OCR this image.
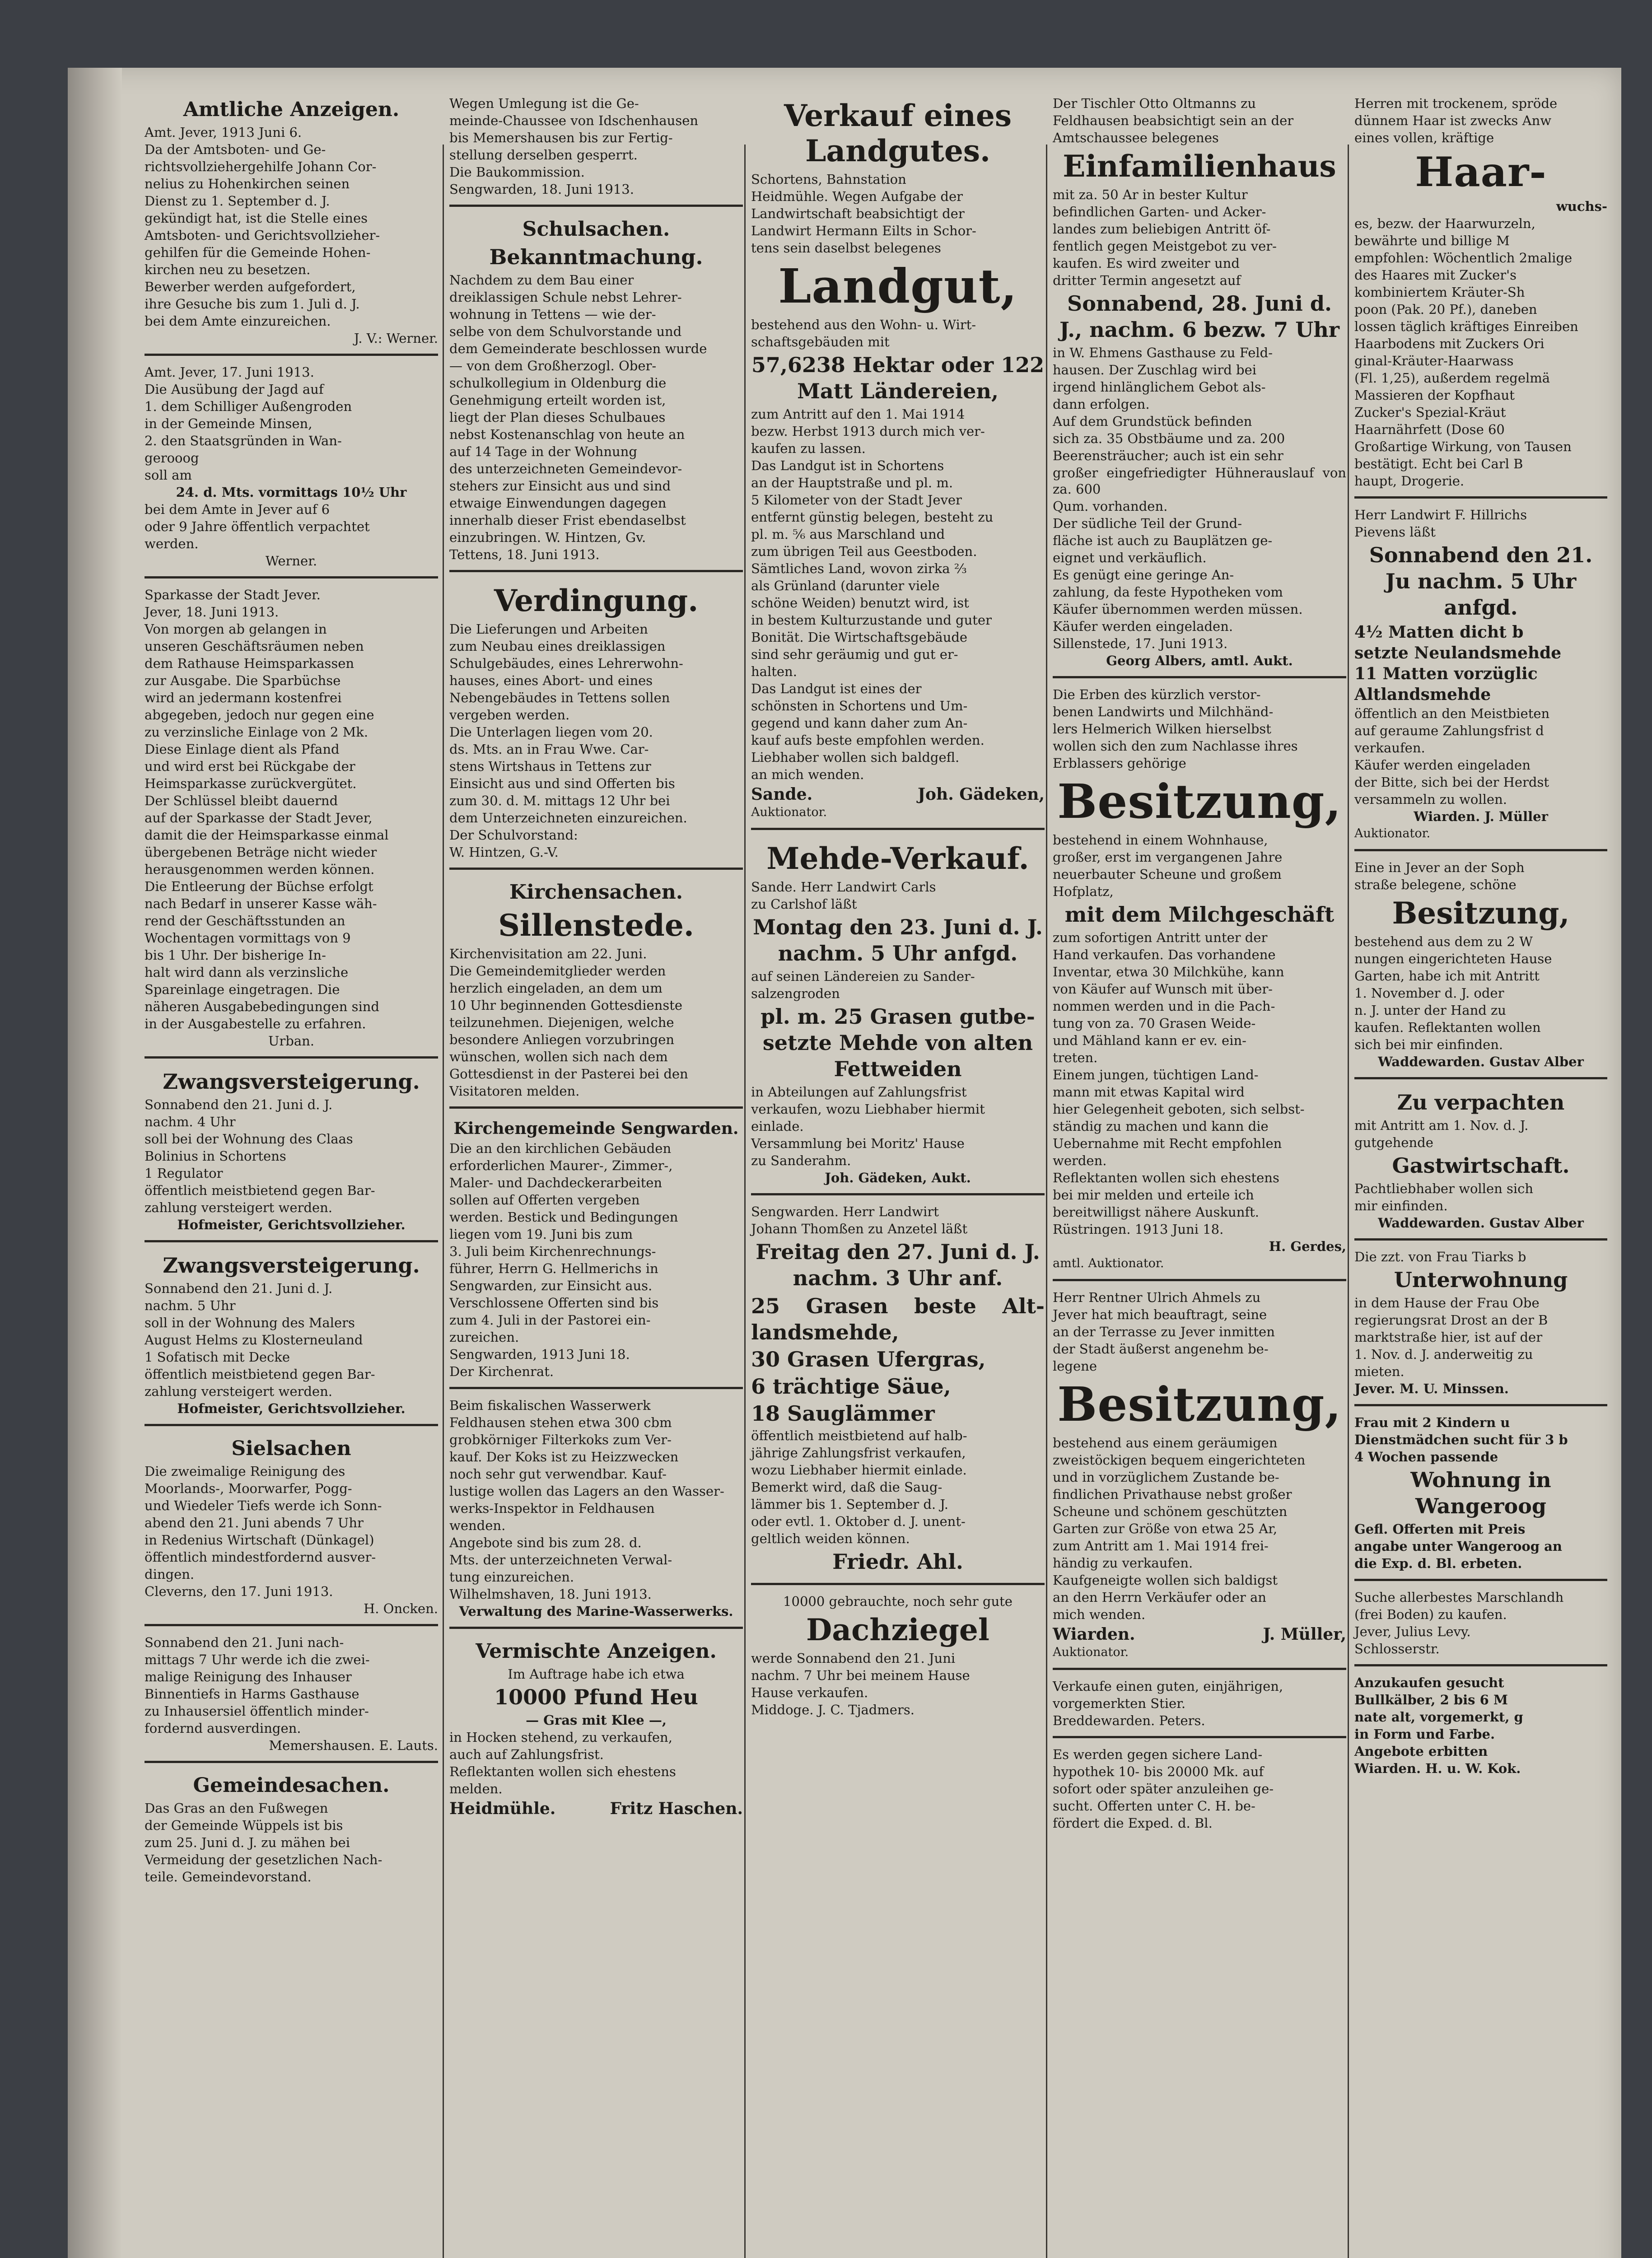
Amtliche Anzeigen.

Amt. Jever, 1913 Juni 6.

Da der Amtsboten- und Ge-

richtsvollziehergehilfe Johann Cor-

nelius zu Hohenkirchen seinen

Dienst zu 1. September d. J.

gekündigt hat, ist die Stelle eines

Amtsboten- und Gerichtsvollzieher-

gehilfen für die Gemeinde Hohen-

kirchen neu zu besetzen.

Bewerber werden aufgefordert,

ihre Gesuche bis zum 1. Juli d. J.

bei dem Amte einzureichen.

J. V.: Werner.

Amt. Jever, 17. Juni 1913.

Die Ausübung der Jagd auf

1. dem Schilliger Außengroden

in der Gemeinde Minsen,

2. den Staatsgründen in Wan-

gerooog

soll am

24. d. Mts. vormittags 10½ Uhr

bei dem Amte in Jever auf 6

oder 9 Jahre öffentlich verpachtet

werden.

Werner.

Sparkasse der Stadt Jever.

Jever, 18. Juni 1913.

Von morgen ab gelangen in

unseren Geschäftsräumen neben

dem Rathause Heimsparkassen

zur Ausgabe. Die Sparbüchse

wird an jedermann kostenfrei

abgegeben, jedoch nur gegen eine

zu verzinsliche Einlage von 2 Mk.

Diese Einlage dient als Pfand

und wird erst bei Rückgabe der

Heimsparkasse zurückvergütet.

Der Schlüssel bleibt dauernd

auf der Sparkasse der Stadt Jever,

damit die der Heimsparkasse einmal

übergebenen Beträge nicht wieder

herausgenommen werden können.

Die Entleerung der Büchse erfolgt

nach Bedarf in unserer Kasse wäh-

rend der Geschäftsstunden an

Wochentagen vormittags von 9

bis 1 Uhr. Der bisherige In-

halt wird dann als verzinsliche

Spareinlage eingetragen. Die

näheren Ausgabebedingungen sind

in der Ausgabestelle zu erfahren.

Urban.

Zwangsversteigerung.

Sonnabend den 21. Juni d. J.

nachm. 4 Uhr

soll bei der Wohnung des Claas

Bolinius in Schortens

1 Regulator

öffentlich meistbietend gegen Bar-

zahlung versteigert werden.

Hofmeister, Gerichtsvollzieher.

Zwangsversteigerung.

Sonnabend den 21. Juni d. J.

nachm. 5 Uhr

soll in der Wohnung des Malers

August Helms zu Klosterneuland

1 Sofatisch mit Decke

öffentlich meistbietend gegen Bar-

zahlung versteigert werden.

Hofmeister, Gerichtsvollzieher.

Sielsachen

Die zweimalige Reinigung des

Moorlands-, Moorwarfer, Pogg-

und Wiedeler Tiefs werde ich Sonn-

abend den 21. Juni abends 7 Uhr

in Redenius Wirtschaft (Dünkagel)

öffentlich mindestfordernd ausver-

dingen.

Cleverns, den 17. Juni 1913.

H. Oncken.

Sonnabend den 21. Juni nach-

mittags 7 Uhr werde ich die zwei-

malige Reinigung des Inhauser

Binnentiefs in Harms Gasthause

zu Inhausersiel öffentlich minder-

fordernd ausverdingen.

Memershausen. E. Lauts.

Gemeindesachen.

Das Gras an den Fußwegen

der Gemeinde Wüppels ist bis

zum 25. Juni d. J. zu mähen bei

Vermeidung der gesetzlichen Nach-

teile. Gemeindevorstand.

Wegen Umlegung ist die Ge-

meinde-Chaussee von Idschenhausen

bis Memershausen bis zur Fertig-

stellung derselben gesperrt.

Die Baukommission.

Sengwarden, 18. Juni 1913.

Schulsachen.
Bekanntmachung.

Nachdem zu dem Bau einer

dreiklassigen Schule nebst Lehrer-

wohnung in Tettens — wie der-

selbe von dem Schulvorstande und

dem Gemeinderate beschlossen wurde

— von dem Großherzogl. Ober-

schulkollegium in Oldenburg die

Genehmigung erteilt worden ist,

liegt der Plan dieses Schulbaues

nebst Kostenanschlag von heute an

auf 14 Tage in der Wohnung

des unterzeichneten Gemeindevor-

stehers zur Einsicht aus und sind

etwaige Einwendungen dagegen

innerhalb dieser Frist ebendaselbst

einzubringen. W. Hintzen, Gv.

Tettens, 18. Juni 1913.

Verdingung.

Die Lieferungen und Arbeiten

zum Neubau eines dreiklassigen

Schulgebäudes, eines Lehrerwohn-

hauses, eines Abort- und eines

Nebengebäudes in Tettens sollen

vergeben werden.

Die Unterlagen liegen vom 20.

ds. Mts. an in Frau Wwe. Car-

stens Wirtshaus in Tettens zur

Einsicht aus und sind Offerten bis

zum 30. d. M. mittags 12 Uhr bei

dem Unterzeichneten einzureichen.

Der Schulvorstand:

W. Hintzen, G.-V.

Kirchensachen.
Sillenstede.

Kirchenvisitation am 22. Juni.

Die Gemeindemitglieder werden

herzlich eingeladen, an dem um

10 Uhr beginnenden Gottesdienste

teilzunehmen. Diejenigen, welche

besondere Anliegen vorzubringen

wünschen, wollen sich nach dem

Gottesdienst in der Pasterei bei den

Visitatoren melden.

Kirchengemeinde Sengwarden.

Die an den kirchlichen Gebäuden

erforderlichen Maurer-, Zimmer-,

Maler- und Dachdeckerarbeiten

sollen auf Offerten vergeben

werden. Bestick und Bedingungen

liegen vom 19. Juni bis zum

3. Juli beim Kirchenrechnungs-

führer, Herrn G. Hellmerichs in

Sengwarden, zur Einsicht aus.

Verschlossene Offerten sind bis

zum 4. Juli in der Pastorei ein-

zureichen.

Sengwarden, 1913 Juni 18.

Der Kirchenrat.

Beim fiskalischen Wasserwerk

Feldhausen stehen etwa 300 cbm

grobkörniger Filterkoks zum Ver-

kauf. Der Koks ist zu Heizzwecken

noch sehr gut verwendbar. Kauf-

lustige wollen das Lagers an den Wasser-

werks-Inspektor in Feldhausen

wenden.

Angebote sind bis zum 28. d.

Mts. der unterzeichneten Verwal-

tung einzureichen.

Wilhelmshaven, 18. Juni 1913.

Verwaltung des Marine-Wasserwerks.

Vermischte Anzeigen.

Im Auftrage habe ich etwa

10000 Pfund Heu

— Gras mit Klee —,

in Hocken stehend, zu verkaufen,

auch auf Zahlungsfrist.

Reflektanten wollen sich ehestens

melden.

Heidmühle.	Fritz Haschen.
Verkauf eines Landgutes.

Schortens, Bahnstation

Heidmühle. Wegen Aufgabe der

Landwirtschaft beabsichtigt der

Landwirt Hermann Eilts in Schor-

tens sein daselbst belegenes

Landgut,

bestehend aus den Wohn- u. Wirt-

schaftsgebäuden mit

57,6238 Hektar oder 122 Matt Ländereien,

zum Antritt auf den 1. Mai 1914

bezw. Herbst 1913 durch mich ver-

kaufen zu lassen.

Das Landgut ist in Schortens

an der Hauptstraße und pl. m.

5 Kilometer von der Stadt Jever

entfernt günstig belegen, besteht zu

pl. m. ⁵⁄₆ aus Marschland und

zum übrigen Teil aus Geestboden.

Sämtliches Land, wovon zirka ²⁄₃

als Grünland (darunter viele

schöne Weiden) benutzt wird, ist

in bestem Kulturzustande und guter

Bonität. Die Wirtschaftsgebäude

sind sehr geräumig und gut er-

halten.

Das Landgut ist eines der

schönsten in Schortens und Um-

gegend und kann daher zum An-

kauf aufs beste empfohlen werden.

Liebhaber wollen sich baldgefl.

an mich wenden.

Sande.	Joh. Gädeken,

Auktionator.

Mehde-Verkauf.

Sande. Herr Landwirt Carls

zu Carlshof läßt

Montag den 23. Juni d. J. nachm. 5 Uhr anfgd.

auf seinen Ländereien zu Sander-

salzengroden

pl. m. 25 Grasen gutbe-setzte Mehde von alten Fettweiden

in Abteilungen auf Zahlungsfrist

verkaufen, wozu Liebhaber hiermit

einlade.

Versammlung bei Moritz' Hause

zu Sanderahm.

Joh. Gädeken, Aukt.

Sengwarden. Herr Landwirt

Johann Thomßen zu Anzetel läßt

Freitag den 27. Juni d. J. nachm. 3 Uhr anf.

25 Grasen beste Alt-landsmehde,

30 Grasen Ufergras,

6 trächtige Säue,

18 Sauglämmer

öffentlich meistbietend auf halb-

jährige Zahlungsfrist verkaufen,

wozu Liebhaber hiermit einlade.

Bemerkt wird, daß die Saug-

lämmer bis 1. September d. J.

oder evtl. 1. Oktober d. J. unent-

geltlich weiden können.

Friedr. Ahl.

10000 gebrauchte, noch sehr gute

Dachziegel

werde Sonnabend den 21. Juni

nachm. 7 Uhr bei meinem Hause

Hause verkaufen.

Middoge. J. C. Tjadmers.

Der Tischler Otto Oltmanns zu

Feldhausen beabsichtigt sein an der

Amtschaussee belegenes

Einfamilienhaus

mit za. 50 Ar in bester Kultur

befindlichen Garten- und Acker-

landes zum beliebigen Antritt öf-

fentlich gegen Meistgebot zu ver-

kaufen. Es wird zweiter und

dritter Termin angesetzt auf

Sonnabend, 28. Juni d. J., nachm. 6 bezw. 7 Uhr

in W. Ehmens Gasthause zu Feld-

hausen. Der Zuschlag wird bei

irgend hinlänglichem Gebot als-

dann erfolgen.

Auf dem Grundstück befinden

sich za. 35 Obstbäume und za. 200

Beerensträucher; auch ist ein sehr

großer eingefriedigter Hühnerauslauf von za. 600

Qum. vorhanden.

Der südliche Teil der Grund-

fläche ist auch zu Bauplätzen ge-

eignet und verkäuflich.

Es genügt eine geringe An-

zahlung, da feste Hypotheken vom

Käufer übernommen werden müssen.

Käufer werden eingeladen.

Sillenstede, 17. Juni 1913.

Georg Albers, amtl. Aukt.

Die Erben des kürzlich verstor-

benen Landwirts und Milchhänd-

lers Helmerich Wilken hierselbst

wollen sich den zum Nachlasse ihres

Erblassers gehörige

Besitzung,

bestehend in einem Wohnhause,

großer, erst im vergangenen Jahre

neuerbauter Scheune und großem

Hofplatz,

mit dem Milchgeschäft

zum sofortigen Antritt unter der

Hand verkaufen. Das vorhandene

Inventar, etwa 30 Milchkühe, kann

von Käufer auf Wunsch mit über-

nommen werden und in die Pach-

tung von za. 70 Grasen Weide-

und Mähland kann er ev. ein-

treten.

Einem jungen, tüchtigen Land-

mann mit etwas Kapital wird

hier Gelegenheit geboten, sich selbst-

ständig zu machen und kann die

Uebernahme mit Recht empfohlen

werden.

Reflektanten wollen sich ehestens

bei mir melden und erteile ich

bereitwilligst nähere Auskunft.

Rüstringen. 1913 Juni 18.

H. Gerdes,

amtl. Auktionator.

Herr Rentner Ulrich Ahmels zu

Jever hat mich beauftragt, seine

an der Terrasse zu Jever inmitten

der Stadt äußerst angenehm be-

legene

Besitzung,

bestehend aus einem geräumigen

zweistöckigen bequem eingerichteten

und in vorzüglichem Zustande be-

findlichen Privathause nebst großer

Scheune und schönem geschützten

Garten zur Größe von etwa 25 Ar,

zum Antritt am 1. Mai 1914 frei-

händig zu verkaufen.

Kaufgeneigte wollen sich baldigst

an den Herrn Verkäufer oder an

mich wenden.

Wiarden.	J. Müller,

Auktionator.

Verkaufe einen guten, einjährigen,

vorgemerkten Stier.

Breddewarden. Peters.

Es werden gegen sichere Land-

hypothek 10- bis 20000 Mk. auf

sofort oder später anzuleihen ge-

sucht. Offerten unter C. H. be-

fördert die Exped. d. Bl.

Herren mit trockenem, spröde

dünnem Haar ist zwecks Anw

eines vollen, kräftige

Haar-

wuchs-

es, bezw. der Haarwurzeln,

bewährte und billige M

empfohlen: Wöchentlich 2malige

des Haares mit Zucker's

kombiniertem Kräuter-Sh

poon (Pak. 20 Pf.), daneben

lossen täglich kräftiges Einreiben

Haarbodens mit Zuckers Ori

ginal-Kräuter-Haarwass

(Fl. 1,25), außerdem regelmä

Massieren der Kopfhaut

Zucker's Spezial-Kräut

Haarnährfett (Dose 60

Großartige Wirkung, von Tausen

bestätigt. Echt bei Carl B

haupt, Drogerie.

Herr Landwirt F. Hillrichs

Pievens läßt

Sonnabend den 21. Ju nachm. 5 Uhr anfgd.

4½ Matten dicht b

setzte Neulandsmehde

11 Matten vorzüglic

Altlandsmehde

öffentlich an den Meistbieten

auf geraume Zahlungsfrist d

verkaufen.

Käufer werden eingeladen

der Bitte, sich bei der Herdst

versammeln zu wollen.

Wiarden. J. Müller

Auktionator.

Eine in Jever an der Soph

straße belegene, schöne

Besitzung,

bestehend aus dem zu 2 W

nungen eingerichteten Hause

Garten, habe ich mit Antritt

1. November d. J. oder

n. J. unter der Hand zu

kaufen. Reflektanten wollen

sich bei mir einfinden.

Waddewarden. Gustav Alber

Zu verpachten

mit Antritt am 1. Nov. d. J.

gutgehende

Gastwirtschaft.

Pachtliebhaber wollen sich

mir einfinden.

Waddewarden. Gustav Alber

Die zzt. von Frau Tiarks b

Unterwohnung

in dem Hause der Frau Obe

regierungsrat Drost an der B

marktstraße hier, ist auf der

1. Nov. d. J. anderweitig zu

mieten.

Jever. M. U. Minssen.

Frau mit 2 Kindern u

Dienstmädchen sucht für 3 b

4 Wochen passende

Wohnung in Wangeroog

Gefl. Offerten mit Preis

angabe unter Wangeroog an

die Exp. d. Bl. erbeten.

Suche allerbestes Marschlandh

(frei Boden) zu kaufen.

Jever, Julius Levy.

Schlosserstr.

Anzukaufen gesucht

Bullkälber, 2 bis 6 M

nate alt, vorgemerkt, g

in Form und Farbe.

Angebote erbitten

Wiarden. H. u. W. Kok.
